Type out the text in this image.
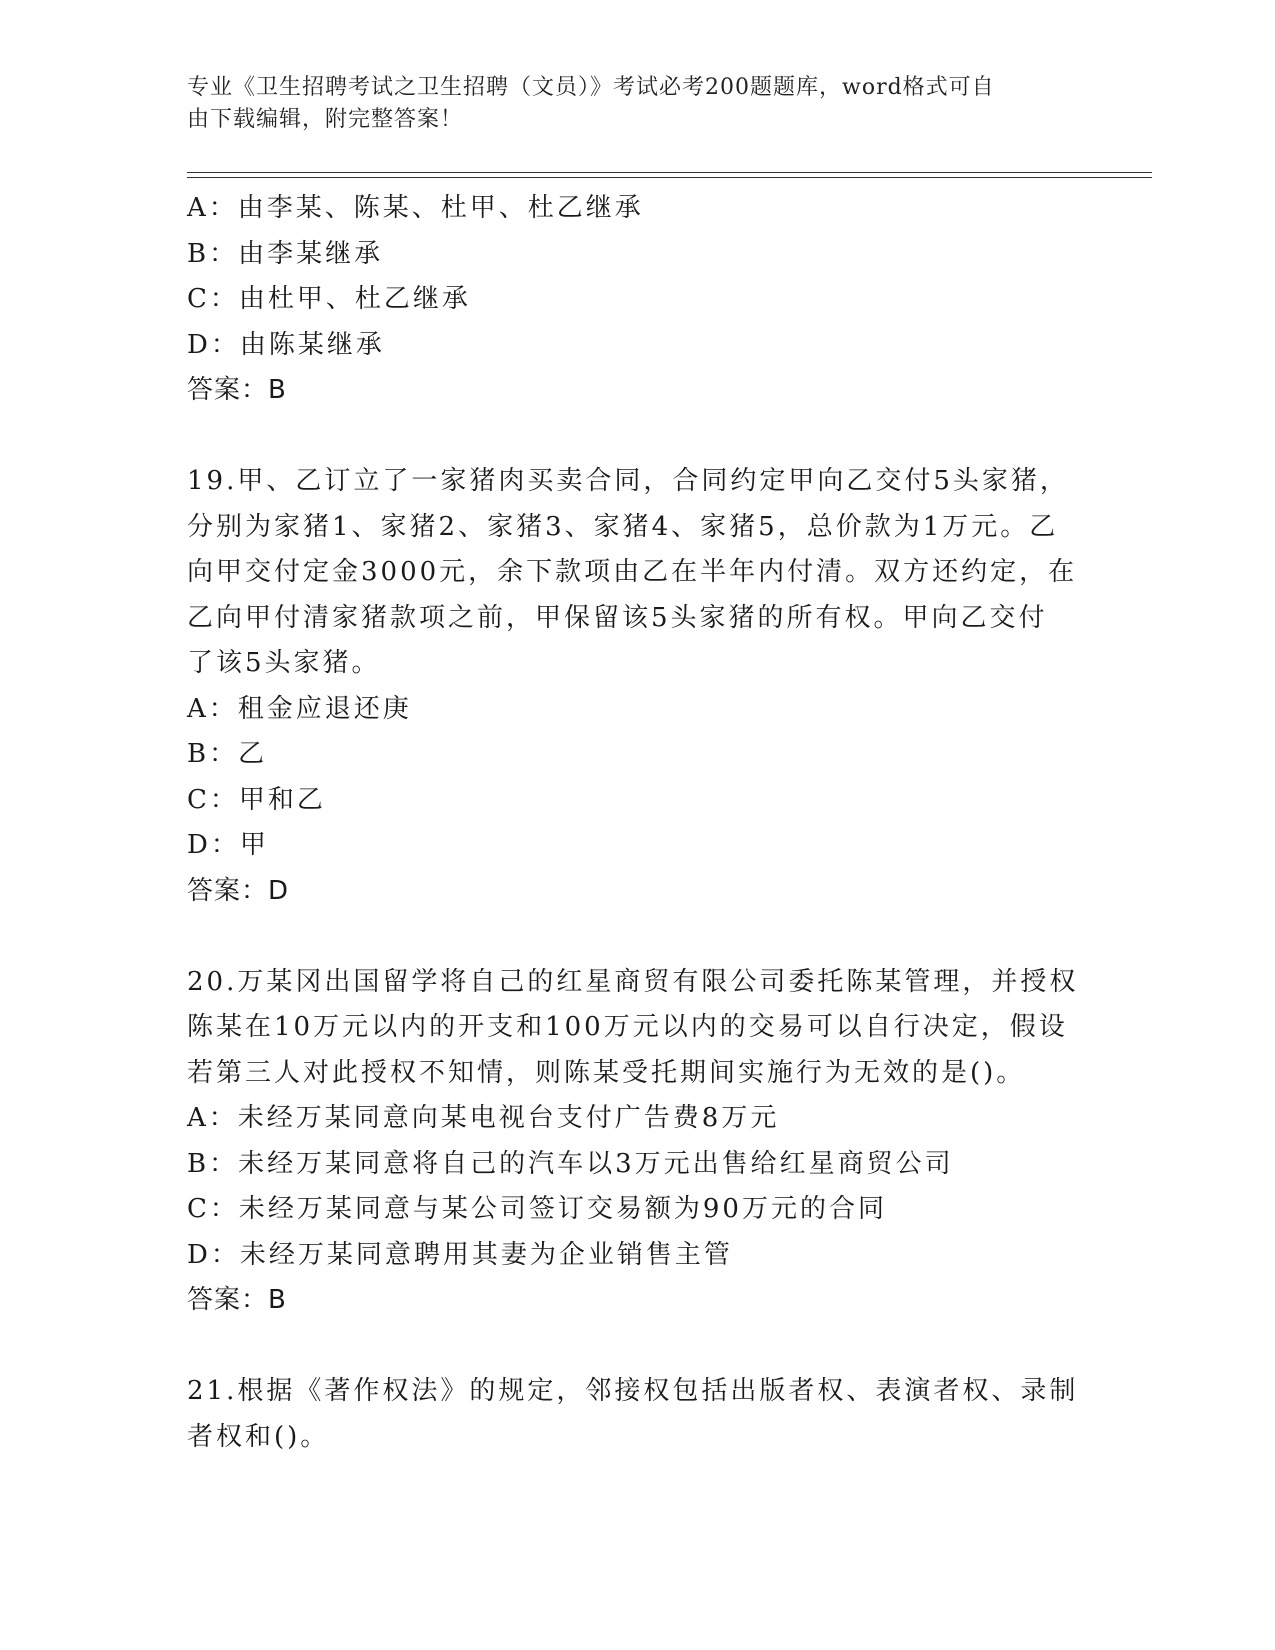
专业《卫生招聘考试之卫生招聘（文员）》考试必考200题题库，word格式可自
由下载编辑，附完整答案！
A：由李某、陈某、杜甲、杜乙继承
B：由李某继承
C：由杜甲、杜乙继承
D：由陈某继承
答案：B
19.甲、乙订立了一家猪肉买卖合同，合同约定甲向乙交付5头家猪，
分别为家猪1、家猪2、家猪3、家猪4、家猪5，总价款为1万元。乙
向甲交付定金3000元，余下款项由乙在半年内付清。双方还约定，在
乙向甲付清家猪款项之前，甲保留该5头家猪的所有权。甲向乙交付
了该5头家猪。
A：租金应退还庚
B：乙
C：甲和乙
D：甲
答案：D
20.万某冈出国留学将自己的红星商贸有限公司委托陈某管理，并授权
陈某在10万元以内的开支和100万元以内的交易可以自行决定，假设
若第三人对此授权不知情，则陈某受托期间实施行为无效的是()。
A：未经万某同意向某电视台支付广告费8万元
B：未经万某同意将自己的汽车以3万元出售给红星商贸公司
C：未经万某同意与某公司签订交易额为90万元的合同
D：未经万某同意聘用其妻为企业销售主管
答案：B
21.根据《著作权法》的规定，邻接权包括出版者权、表演者权、录制
者权和()。
